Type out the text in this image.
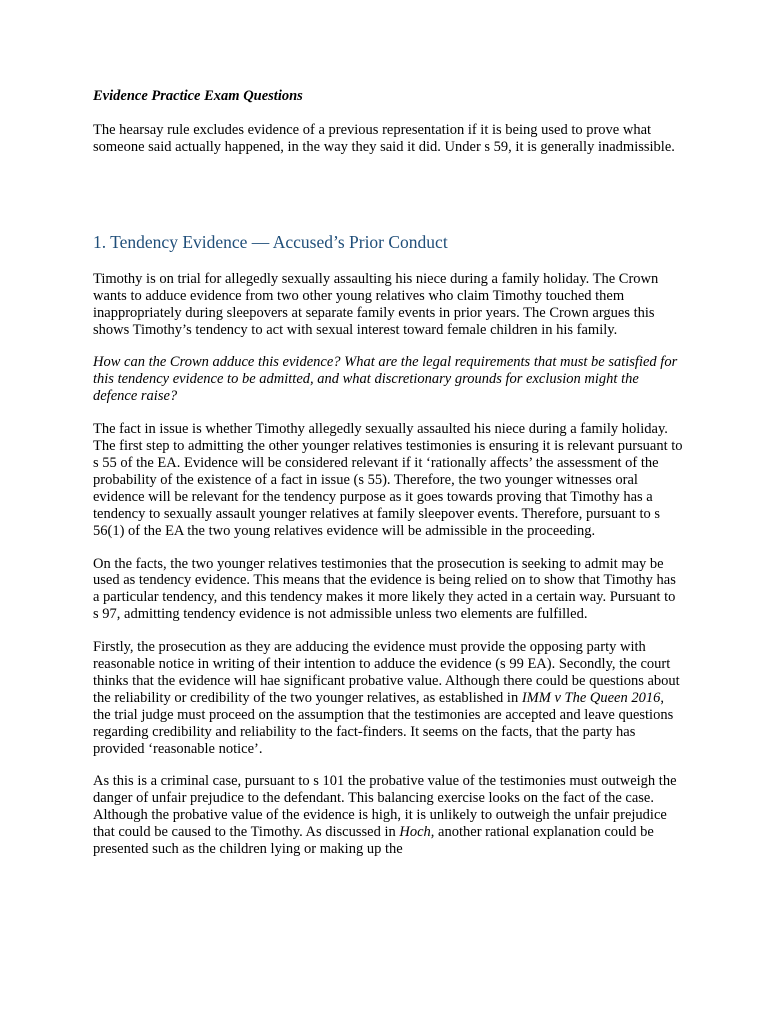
Evidence Practice Exam Questions

The hearsay rule excludes evidence of a previous representation if it is being used to prove what someone said actually happened, in the way they said it did. Under s 59, it is generally inadmissible.

1. Tendency Evidence — Accused’s Prior Conduct

Timothy is on trial for allegedly sexually assaulting his niece during a family holiday. The Crown wants to adduce evidence from two other young relatives who claim Timothy touched them inappropriately during sleepovers at separate family events in prior years. The Crown argues this shows Timothy’s tendency to act with sexual interest toward female children in his family.

How can the Crown adduce this evidence? What are the legal requirements that must be satisfied for this tendency evidence to be admitted, and what discretionary grounds for exclusion might the defence raise?

The fact in issue is whether Timothy allegedly sexually assaulted his niece during a family holiday. The first step to admitting the other younger relatives testimonies is ensuring it is relevant pursuant to s 55 of the EA. Evidence will be considered relevant if it ‘rationally affects’ the assessment of the probability of the existence of a fact in issue (s 55). Therefore, the two younger witnesses oral evidence will be relevant for the tendency purpose as it goes towards proving that Timothy has a tendency to sexually assault younger relatives at family sleepover events. Therefore, pursuant to s 56(1) of the EA the two young relatives evidence will be admissible in the proceeding.

On the facts, the two younger relatives testimonies that the prosecution is seeking to admit may be used as tendency evidence. This means that the evidence is being relied on to show that Timothy has a particular tendency, and this tendency makes it more likely they acted in a certain way. Pursuant to s 97, admitting tendency evidence is not admissible unless two elements are fulfilled.

Firstly, the prosecution as they are adducing the evidence must provide the opposing party with reasonable notice in writing of their intention to adduce the evidence (s 99 EA). Secondly, the court thinks that the evidence will hae significant probative value. Although there could be questions about the reliability or credibility of the two younger relatives, as established in IMM v The Queen 2016, the trial judge must proceed on the assumption that the testimonies are accepted and leave questions regarding credibility and reliability to the fact-finders. It seems on the facts, that the party has provided ‘reasonable notice’.

As this is a criminal case, pursuant to s 101 the probative value of the testimonies must outweigh the danger of unfair prejudice to the defendant. This balancing exercise looks on the fact of the case. Although the probative value of the evidence is high, it is unlikely to outweigh the unfair prejudice that could be caused to the Timothy. As discussed in Hoch, another rational explanation could be presented such as the children lying or making up the
